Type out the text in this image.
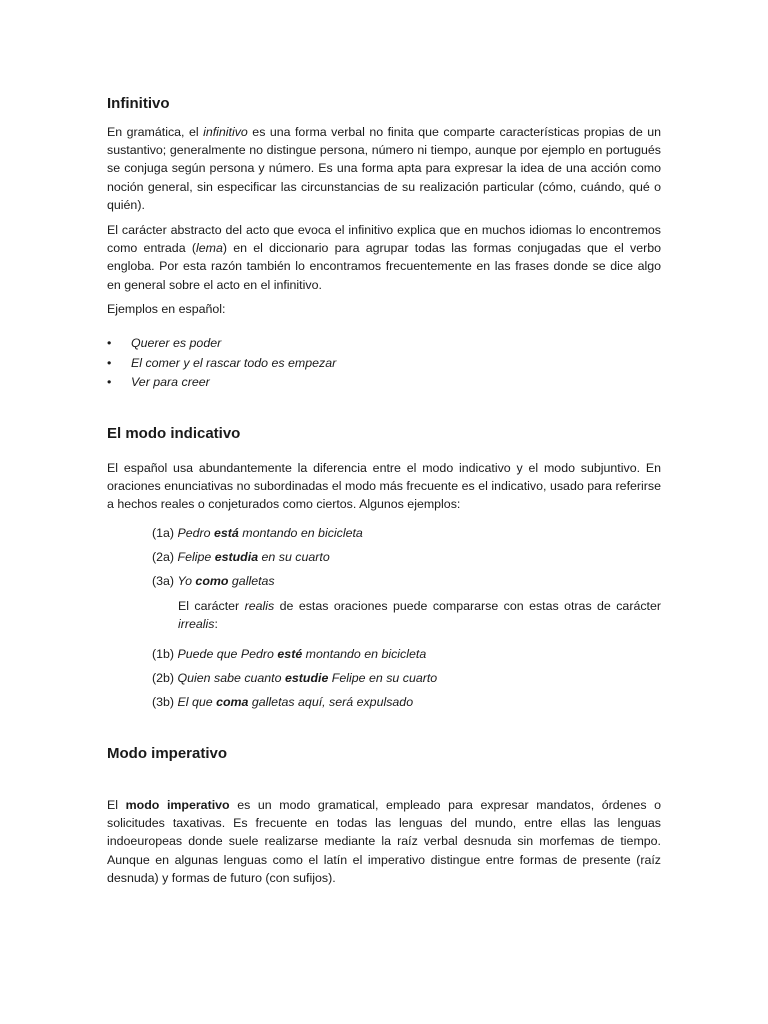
Infinitivo

En gramática, el infinitivo es una forma verbal no finita que comparte características propias de un sustantivo; generalmente no distingue persona, número ni tiempo, aunque por ejemplo en portugués se conjuga según persona y número. Es una forma apta para expresar la idea de una acción como noción general, sin especificar las circunstancias de su realización particular (cómo, cuándo, qué o quién).

El carácter abstracto del acto que evoca el infinitivo explica que en muchos idiomas lo encontremos como entrada (lema) en el diccionario para agrupar todas las formas conjugadas que el verbo engloba. Por esta razón también lo encontramos frecuentemente en las frases donde se dice algo en general sobre el acto en el infinitivo.

Ejemplos en español:

• Querer es poder
• El comer y el rascar todo es empezar
• Ver para creer
El modo indicativo

El español usa abundantemente la diferencia entre el modo indicativo y el modo subjuntivo. En oraciones enunciativas no subordinadas el modo más frecuente es el indicativo, usado para referirse a hechos reales o conjeturados como ciertos. Algunos ejemplos:

(1a) Pedro está montando en bicicleta
(2a) Felipe estudia en su cuarto
(3a) Yo como galletas
El carácter realis de estas oraciones puede compararse con estas otras de carácter irrealis:
(1b) Puede que Pedro esté montando en bicicleta
(2b) Quien sabe cuanto estudie Felipe en su cuarto
(3b) El que coma galletas aquí, será expulsado
Modo imperativo

El modo imperativo es un modo gramatical, empleado para expresar mandatos, órdenes o solicitudes taxativas. Es frecuente en todas las lenguas del mundo, entre ellas las lenguas indoeuropeas donde suele realizarse mediante la raíz verbal desnuda sin morfemas de tiempo. Aunque en algunas lenguas como el latín el imperativo distingue entre formas de presente (raíz desnuda) y formas de futuro (con sufijos).
